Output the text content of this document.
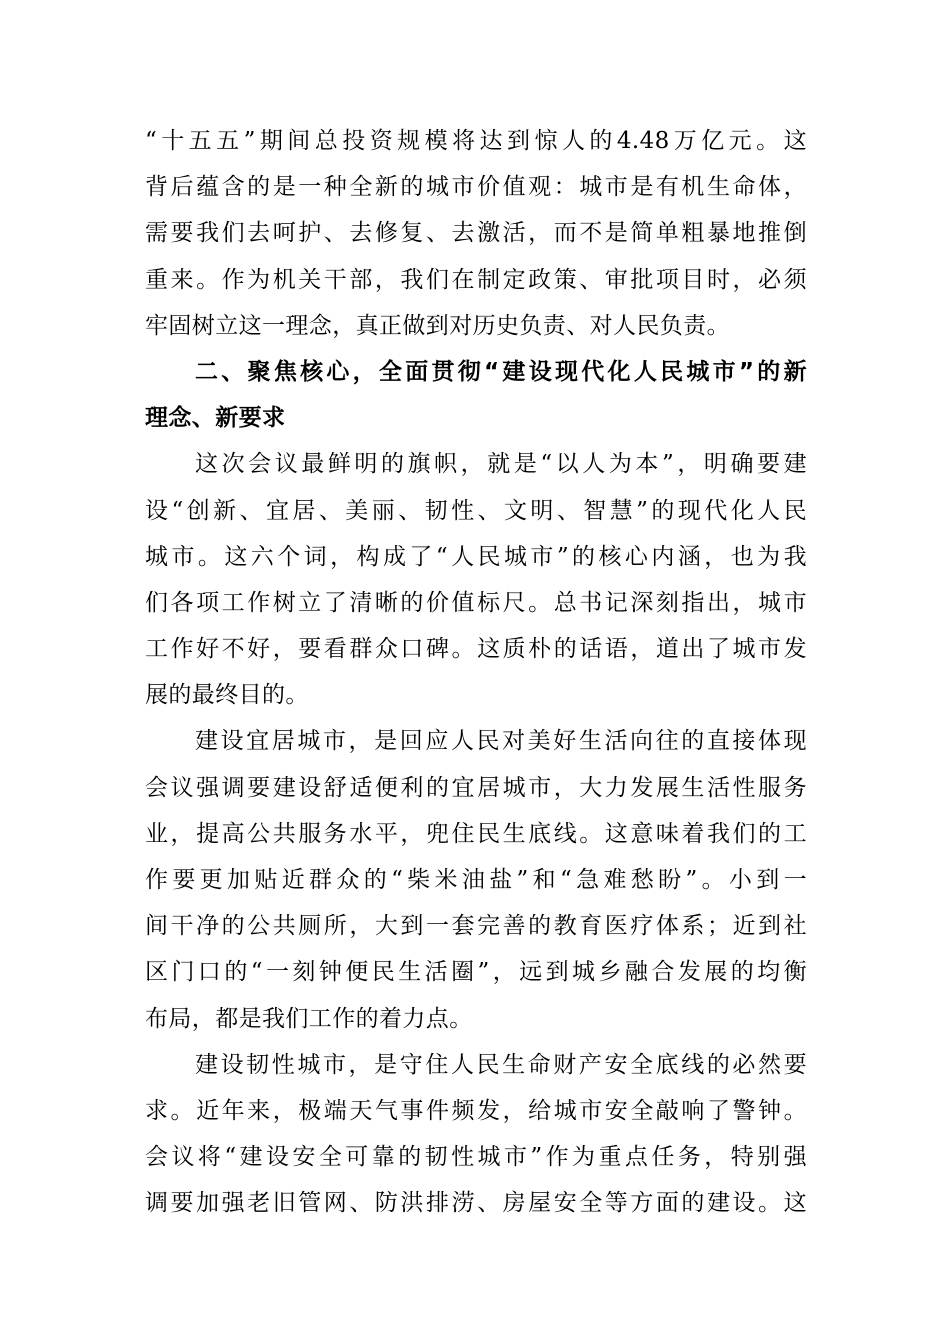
“十五五”期间总投资规模将达到惊人的4.48万亿元。这
背后蕴含的是一种全新的城市价值观：城市是有机生命体，
需要我们去呵护、去修复、去激活，而不是简单粗暴地推倒
重来。作为机关干部，我们在制定政策、审批项目时，必须
牢固树立这一理念，真正做到对历史负责、对人民负责。
二、聚焦核心，全面贯彻“建设现代化人民城市”的新
理念、新要求
这次会议最鲜明的旗帜，就是“以人为本”，明确要建
设“创新、宜居、美丽、韧性、文明、智慧”的现代化人民
城市。这六个词，构成了“人民城市”的核心内涵，也为我
们各项工作树立了清晰的价值标尺。总书记深刻指出，城市
工作好不好，要看群众口碑。这质朴的话语，道出了城市发
展的最终目的。
建设宜居城市，是回应人民对美好生活向往的直接体现
会议强调要建设舒适便利的宜居城市，大力发展生活性服务
业，提高公共服务水平，兜住民生底线。这意味着我们的工
作要更加贴近群众的“柴米油盐”和“急难愁盼”。小到一
间干净的公共厕所，大到一套完善的教育医疗体系；近到社
区门口的“一刻钟便民生活圈”，远到城乡融合发展的均衡
布局，都是我们工作的着力点。
建设韧性城市，是守住人民生命财产安全底线的必然要
求。近年来，极端天气事件频发，给城市安全敲响了警钟。
会议将“建设安全可靠的韧性城市”作为重点任务，特别强
调要加强老旧管网、防洪排涝、房屋安全等方面的建设。这
